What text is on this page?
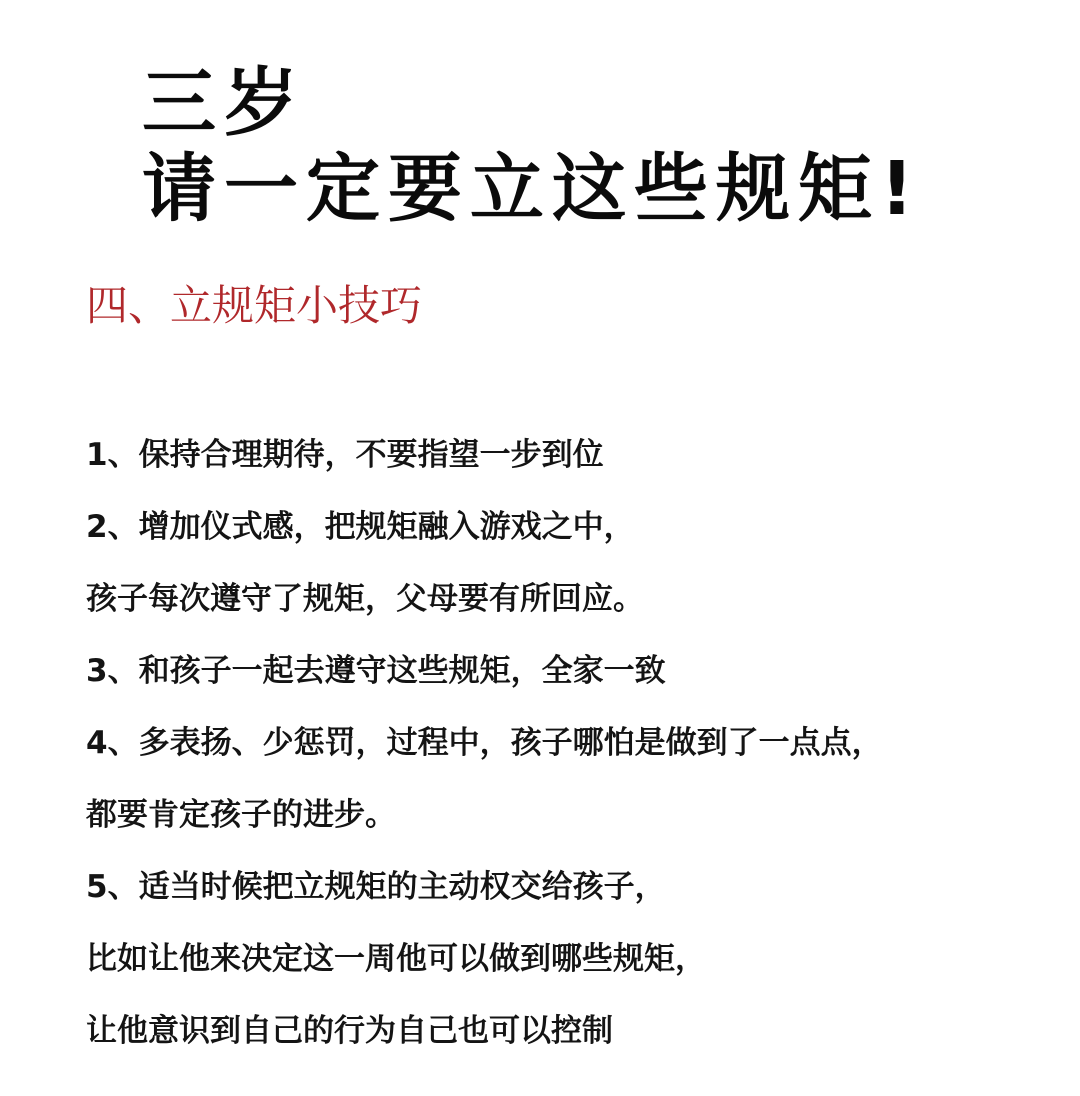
三岁
请一定要立这些规矩!
四、立规矩小技巧
1、保持合理期待，不要指望一步到位
2、增加仪式感，把规矩融入游戏之中，
孩子每次遵守了规矩，父母要有所回应。
3、和孩子一起去遵守这些规矩，全家一致
4、多表扬、少惩罚，过程中，孩子哪怕是做到了一点点，
都要肯定孩子的进步。
5、适当时候把立规矩的主动权交给孩子，
比如让他来决定这一周他可以做到哪些规矩，
让他意识到自己的行为自己也可以控制
